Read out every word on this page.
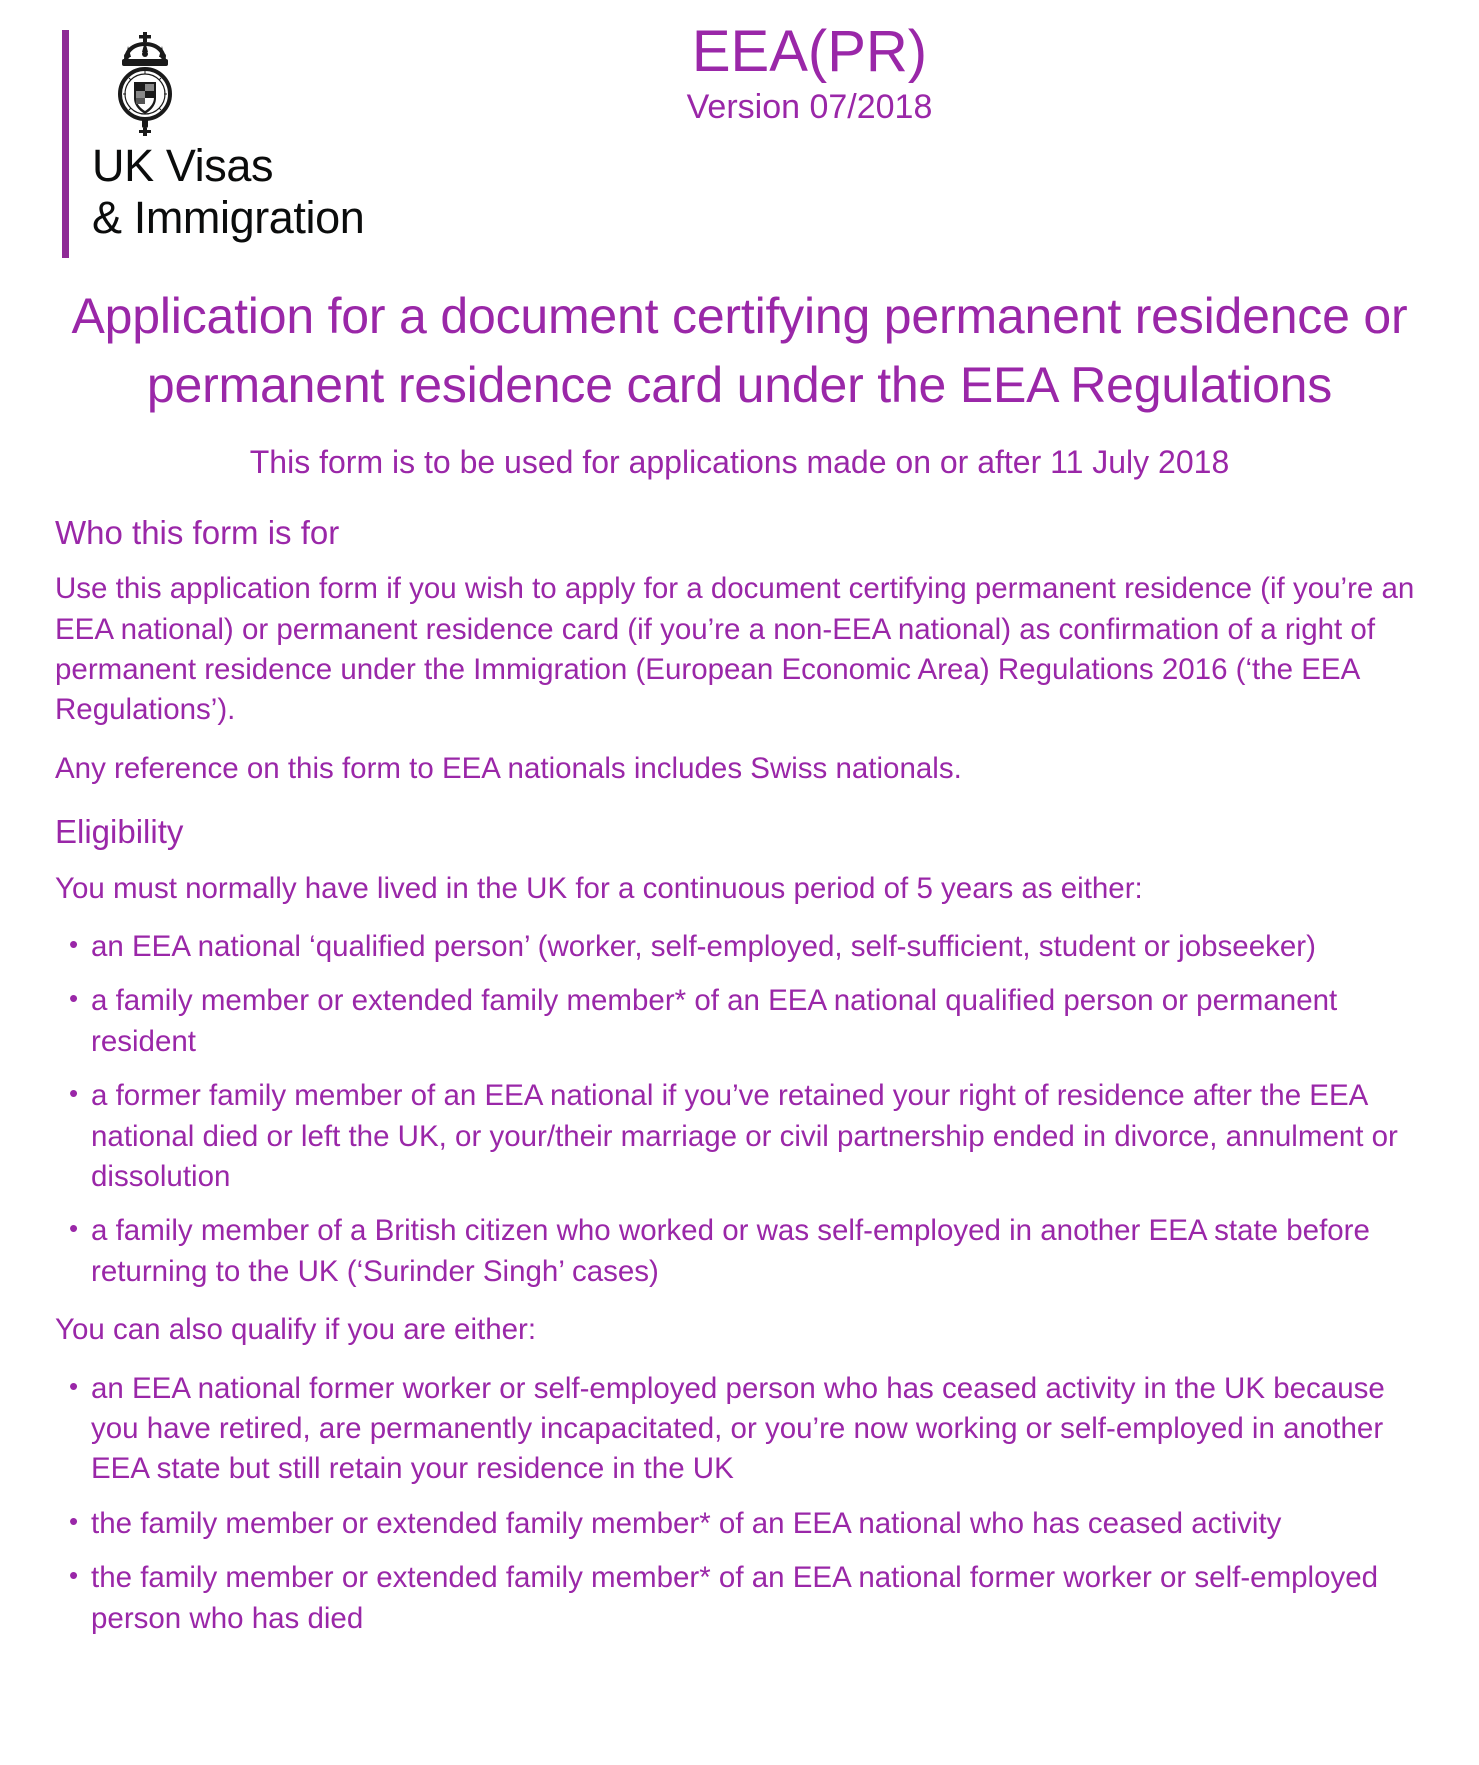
UK Visas
& Immigration
EEA(PR)
Version 07/2018
Application for a document certifying permanent residence or permanent residence card under the EEA Regulations
This form is to be used for applications made on or after 11 July 2018
Who this form is for

Use this application form if you wish to apply for a document certifying permanent residence (if you’re an EEA national) or permanent residence card (if you’re a non-EEA national) as confirmation of a right of permanent residence under the Immigration (European Economic Area) Regulations 2016 (‘the EEA Regulations’).

Any reference on this form to EEA nationals includes Swiss nationals.

Eligibility

You must normally have lived in the UK for a continuous period of 5 years as either:

• an EEA national ‘qualified person’ (worker, self-employed, self-sufficient, student or jobseeker)
• a family member or extended family member* of an EEA national qualified person or permanent resident
• a former family member of an EEA national if you’ve retained your right of residence after the EEA national died or left the UK, or your/their marriage or civil partnership ended in divorce, annulment or dissolution
• a family member of a British citizen who worked or was self-employed in another EEA state before returning to the UK (‘Surinder Singh’ cases)

You can also qualify if you are either:

• an EEA national former worker or self-employed person who has ceased activity in the UK because you have retired, are permanently incapacitated, or you’re now working or self-employed in another EEA state but still retain your residence in the UK
• the family member or extended family member* of an EEA national who has ceased activity
• the family member or extended family member* of an EEA national former worker or self-employed person who has died
